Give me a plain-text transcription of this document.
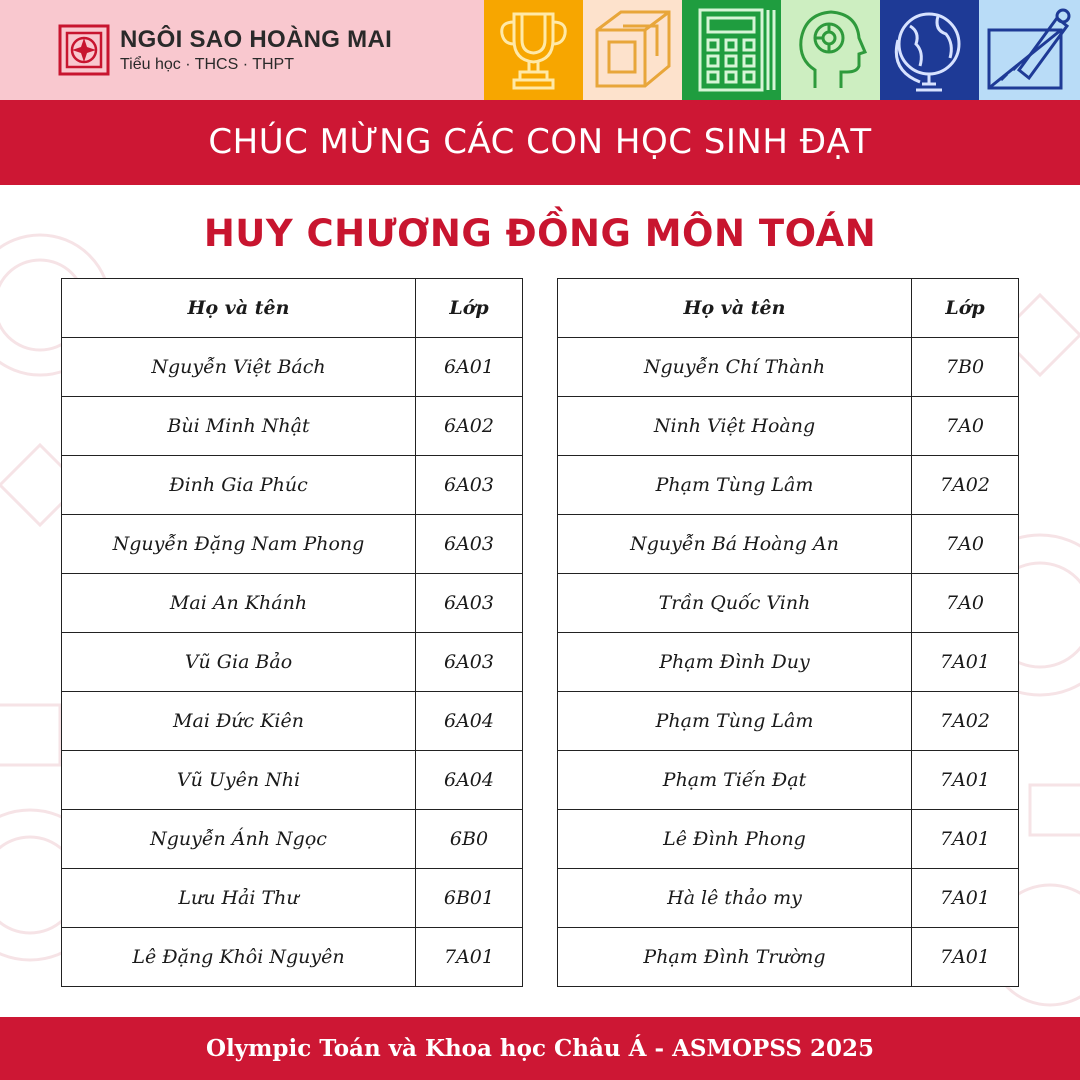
NGÔI SAO HOÀNG MAI
Tiểu học · THCS · THPT
CHÚC MỪNG CÁC CON HỌC SINH ĐẠT
HUY CHƯƠNG ĐỒNG MÔN TOÁN
Họ và tên	Lớp
Nguyễn Việt Bách	6A01
Bùi Minh Nhật	6A02
Đinh Gia Phúc	6A03
Nguyễn Đặng Nam Phong	6A03
Mai An Khánh	6A03
Vũ Gia Bảo	6A03
Mai Đức Kiên	6A04
Vũ Uyên Nhi	6A04
Nguyễn Ánh Ngọc	6B0
Lưu Hải Thư	6B01
Lê Đặng Khôi Nguyên	7A01
Họ và tên	Lớp
Nguyễn Chí Thành	7B0
Ninh Việt Hoàng	7A0
Phạm Tùng Lâm	7A02
Nguyễn Bá Hoàng An	7A0
Trần Quốc Vinh	7A0
Phạm Đình Duy	7A01
Phạm Tùng Lâm	7A02
Phạm Tiến Đạt	7A01
Lê Đình Phong	7A01
Hà lê thảo my	7A01
Phạm Đình Trường	7A01
Olympic Toán và Khoa học Châu Á - ASMOPSS 2025
